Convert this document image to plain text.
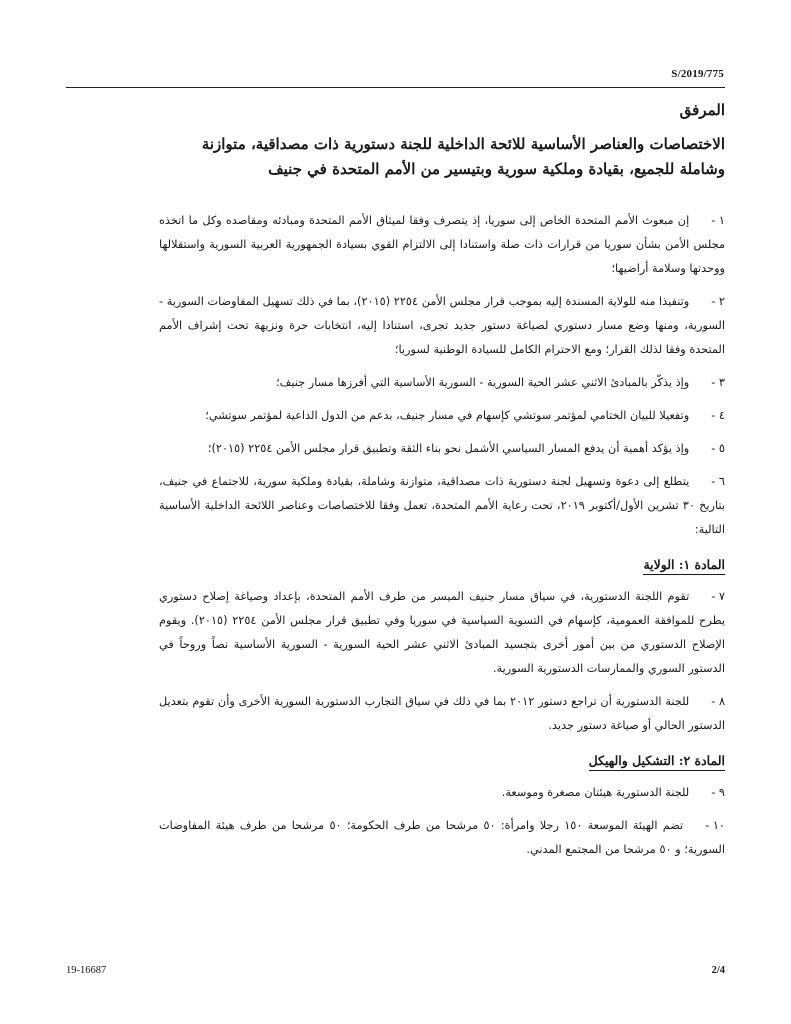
S/2019/775
المرفق
الاختصاصات والعناصر الأساسية للائحة الداخلية للجنة دستورية ذات مصداقية، متوازنة وشاملة للجميع، بقيادة وملكية سورية وبتيسير من الأمم المتحدة في جنيف

١ -إن مبعوث الأمم المتحدة الخاص إلى سوريا، إذ يتصرف وفقا لميثاق الأمم المتحدة ومبادئه ومقاصده وكل ما اتخذه مجلس الأمن بشأن سوريا من قرارات ذات صلة واستنادا إلى الالتزام القوي بسيادة الجمهورية العربية السورية واستقلالها ووحدتها وسلامة أراضيها؛

٢ -وتنفيذا منه للولاية المسندة إليه بموجب قرار مجلس الأمن ٢٢٥٤ (٢٠١٥)، بما في ذلك تسهيل المفاوضات السورية - السورية، ومنها وضع مسار دستوري لصياغة دستور جديد تجرى، استنادا إليه، انتخابات حرة ونزيهة تحت إشراف الأمم المتحدة وفقا لذلك القرار؛ ومع الاحترام الكامل للسيادة الوطنية لسوريا؛

٣ -وإذ يذكّر بالمبادئ الاثني عشر الحية السورية - السورية الأساسية التي أفرزها مسار جنيف؛

٤ -وتفعيلا للبيان الختامي لمؤتمر سوتشي كإسهام في مسار جنيف، بدعم من الدول الداعية لمؤتمر سوتشي؛

٥ -وإذ يؤكد أهمية أن يدفع المسار السياسي الأشمل نحو بناء الثقة وتطبيق قرار مجلس الأمن ٢٢٥٤ (٢٠١٥)؛

٦ -يتطلع إلى دعوة وتسهيل لجنة دستورية ذات مصداقية، متوازنة وشاملة، بقيادة وملكية سورية، للاجتماع في جنيف، بتاريخ ٣٠ تشرين الأول/أكتوبر ٢٠١٩، تحت رعاية الأمم المتحدة، تعمل وفقا للاختصاصات وعناصر اللائحة الداخلية الأساسية التالية:

المادة ١: الولاية

٧ -تقوم اللجنة الدستورية، في سياق مسار جنيف الميسر من طرف الأمم المتحدة، بإعداد وصياغة إصلاح دستوري يطرح للموافقة العمومية، كإسهام في التسوية السياسية في سوريا وفي تطبيق قرار مجلس الأمن ٢٢٥٤ (٢٠١٥). ويقوم الإصلاح الدستوري من بين أمور أخرى بتجسيد المبادئ الاثني عشر الحية السورية - السورية الأساسية نصاً وروحاً في الدستور السوري والممارسات الدستورية السورية.

٨ -للجنة الدستورية أن تراجع دستور ٢٠١٢ بما في ذلك في سياق التجارب الدستورية السورية الأخرى وأن تقوم بتعديل الدستور الحالي أو صياغة دستور جديد.

المادة ٢: التشكيل والهيكل

٩ -للجنة الدستورية هيئتان مصغرة وموسعة.

١٠ -تضم الهيئة الموسعة ١٥٠ رجلا وامرأة: ٥٠ مرشحا من طرف الحكومة؛ ٥٠ مرشحا من طرف هيئة المفاوضات السورية؛ و ٥٠ مرشحا من المجتمع المدني.

19-16687	2/4
